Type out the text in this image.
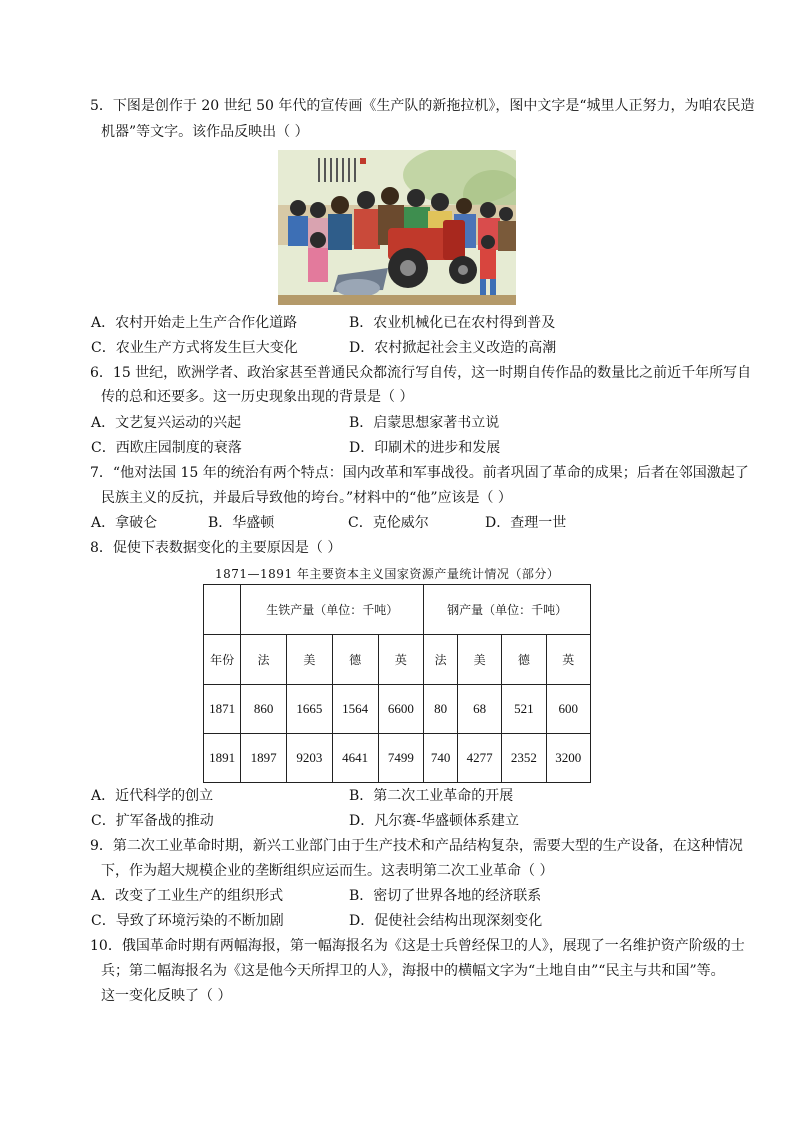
5．下图是创作于 20 世纪 50 年代的宣传画《生产队的新拖拉机》，图中文字是“城里人正努力，为咱农民造
机器”等文字。该作品反映出（ ）
A．农村开始走上生产合作化道路	B．农业机械化已在农村得到普及
C．农业生产方式将发生巨大变化	D．农村掀起社会主义改造的高潮
6．15 世纪，欧洲学者、政治家甚至普通民众都流行写自传，这一时期自传作品的数量比之前近千年所写自
传的总和还要多。这一历史现象出现的背景是（ ）
A．文艺复兴运动的兴起	B．启蒙思想家著书立说
C．西欧庄园制度的衰落	D．印刷术的进步和发展
7．“他对法国 15 年的统治有两个特点：国内改革和军事战役。前者巩固了革命的成果；后者在邻国激起了
民族主义的反抗，并最后导致他的垮台。”材料中的“他”应该是（ ）
A．拿破仑	B．华盛顿	C．克伦威尔	D．查理一世
8．促使下表数据变化的主要原因是（ ）
1871—1891 年主要资本主义国家资源产量统计情况（部分）
	生铁产量（单位：千吨）				钢产量（单位：千吨）			
年份	法	美	德	英	法	美	德	英
1871	860	1665	1564	6600	80	68	521	600
1891	1897	9203	4641	7499	740	4277	2352	3200
A．近代科学的创立	B．第二次工业革命的开展
C．扩军备战的推动	D．凡尔赛-华盛顿体系建立
9．第二次工业革命时期，新兴工业部门由于生产技术和产品结构复杂，需要大型的生产设备，在这种情况
下，作为超大规模企业的垄断组织应运而生。这表明第二次工业革命（ ）
A．改变了工业生产的组织形式	B．密切了世界各地的经济联系
C．导致了环境污染的不断加剧	D．促使社会结构出现深刻变化
10．俄国革命时期有两幅海报，第一幅海报名为《这是士兵曾经保卫的人》，展现了一名维护资产阶级的士
兵；第二幅海报名为《这是他今天所捍卫的人》，海报中的横幅文字为“土地自由”“民主与共和国”等。
这一变化反映了（ ）
